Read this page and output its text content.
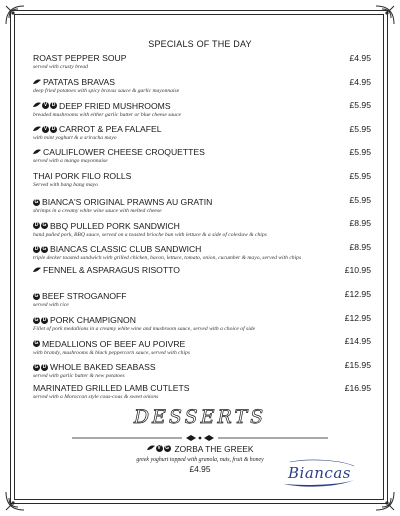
SPECIALS OF THE DAY
ROAST PEPPER SOUP	£4.95
served with crusty bread
PATATAS BRAVAS	£4.95
deep fried potatoes with spicy bravas sauce & garlic mayonnaise
V D DEEP FRIED MUSHROOMS	£5.95
breaded mushrooms with either garlic butter or blue cheese sauce
V D CARROT & PEA FALAFEL	£5.95
with mint yoghurt & a sriracha mayo
CAULIFLOWER CHEESE CROQUETTES	£5.95
served with a mango mayonnaise
THAI PORK FILO ROLLS	£5.95
Served with bang bang mayo
G BIANCA'S ORIGINAL PRAWNS AU GRATIN	£5.95
shrimps in a creamy white wine sauce with melted cheese
D G BBQ PULLED PORK SANDWICH	£8.95
hand pulled pork, BBQ sauce, served on a toasted brioche bun with lettuce & a side of coleslaw & chips
D G BIANCAS CLASSIC CLUB SANDWICH	£8.95
triple decker toasted sandwich with grilled chicken, bacon, lettuce, tomato, onion, cucumber & mayo, served with chips
FENNEL & ASPARAGUS RISOTTO	£10.95
G BEEF STROGANOFF	£12.95
served with rice
G D PORK CHAMPIGNON	£12.95
Fillet of pork medallions in a creamy white wine and mushroom sauce, served with a choice of side
G MEDALLIONS OF BEEF AU POIVRE	£14.95
with brandy, mushrooms & black peppercorn sauce, served with chips
G D WHOLE BAKED SEABASS	£15.95
served with garlic butter & new potatoes
MARINATED GRILLED LAMB CUTLETS	£16.95
served with a Moroccan style cous-cous & sweet onions
DESSERTS
V G ZORBA THE GREEK
greek yoghurt topped with granola, nuts, fruit & honey
£4.95	Biancas
